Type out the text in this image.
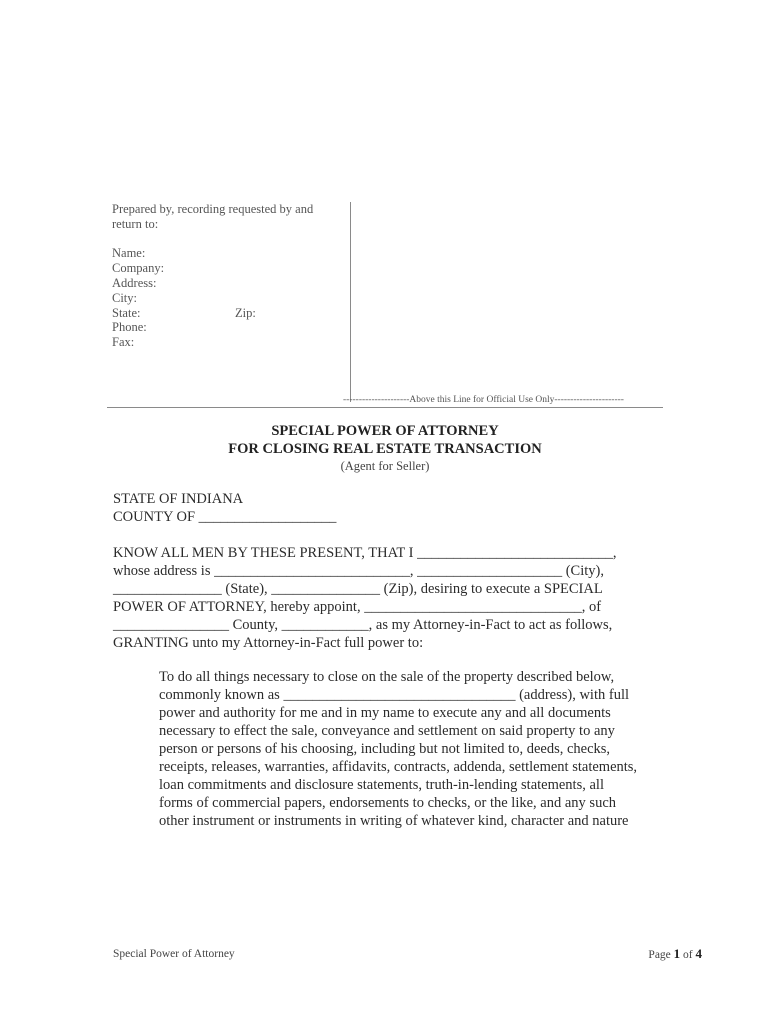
Prepared by, recording requested by and
return to:
Name:
Company:
Address:
City:
State:	Zip:
Phone:
Fax:
---------------------Above this Line for Official Use Only----------------------
SPECIAL POWER OF ATTORNEY
FOR CLOSING REAL ESTATE TRANSACTION
(Agent for Seller)
STATE OF INDIANA
COUNTY OF ___________________
KNOW ALL MEN BY THESE PRESENT, THAT I ___________________________,
whose address is ___________________________, ____________________ (City),
_______________ (State), _______________ (Zip), desiring to execute a SPECIAL
POWER OF ATTORNEY, hereby appoint, ______________________________, of
________________ County, ____________, as my Attorney-in-Fact to act as follows,
GRANTING unto my Attorney-in-Fact full power to:
To do all things necessary to close on the sale of the property described below,
commonly known as ________________________________ (address), with full
power and authority for me and in my name to execute any and all documents
necessary to effect the sale, conveyance and settlement on said property to any
person or persons of his choosing, including but not limited to, deeds, checks,
receipts, releases, warranties, affidavits, contracts, addenda, settlement statements,
loan commitments and disclosure statements, truth-in-lending statements, all
forms of commercial papers, endorsements to checks, or the like, and any such
other instrument or instruments in writing of whatever kind, character and nature
Special Power of Attorney	Page 1 of 4
